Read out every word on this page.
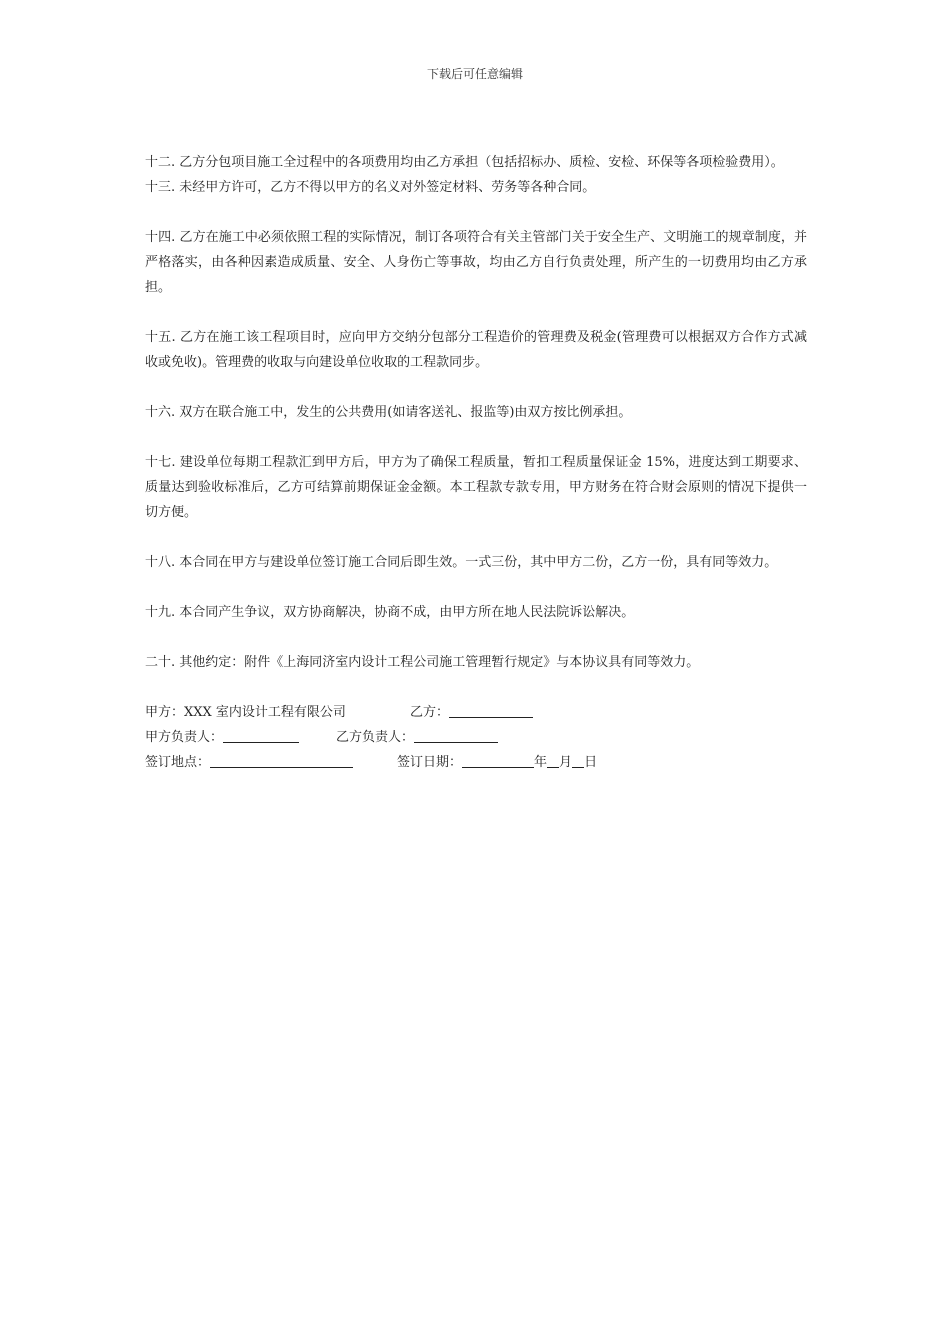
下载后可任意编辑

十二. 乙方分包项目施工全过程中的各项费用均由乙方承担（包括招标办、质检、安检、环保等各项检验费用）。

十三. 未经甲方许可，乙方不得以甲方的名义对外签定材料、劳务等各种合同。

十四. 乙方在施工中必须依照工程的实际情况，制订各项符合有关主管部门关于安全生产、文明施工的规章制度，并严格落实，由各种因素造成质量、安全、人身伤亡等事故，均由乙方自行负责处理，所产生的一切费用均由乙方承担。

十五. 乙方在施工该工程项目时，应向甲方交纳分包部分工程造价的管理费及税金(管理费可以根据双方合作方式减收或免收)。管理费的收取与向建设单位收取的工程款同步。

十六. 双方在联合施工中，发生的公共费用(如请客送礼、报监等)由双方按比例承担。

十七. 建设单位每期工程款汇到甲方后，甲方为了确保工程质量，暂扣工程质量保证金 15%，进度达到工期要求、质量达到验收标准后，乙方可结算前期保证金金额。本工程款专款专用，甲方财务在符合财会原则的情况下提供一切方便。

十八. 本合同在甲方与建设单位签订施工合同后即生效。一式三份，其中甲方二份，乙方一份，具有同等效力。

十九. 本合同产生争议，双方协商解决，协商不成，由甲方所在地人民法院诉讼解决。

二十. 其他约定：附件《上海同济室内设计工程公司施工管理暂行规定》与本协议具有同等效力。

甲方：XXX 室内设计工程有限公司	乙方：
甲方负责人：	乙方负责人：
签订地点：	签订日期：	年 月 日
